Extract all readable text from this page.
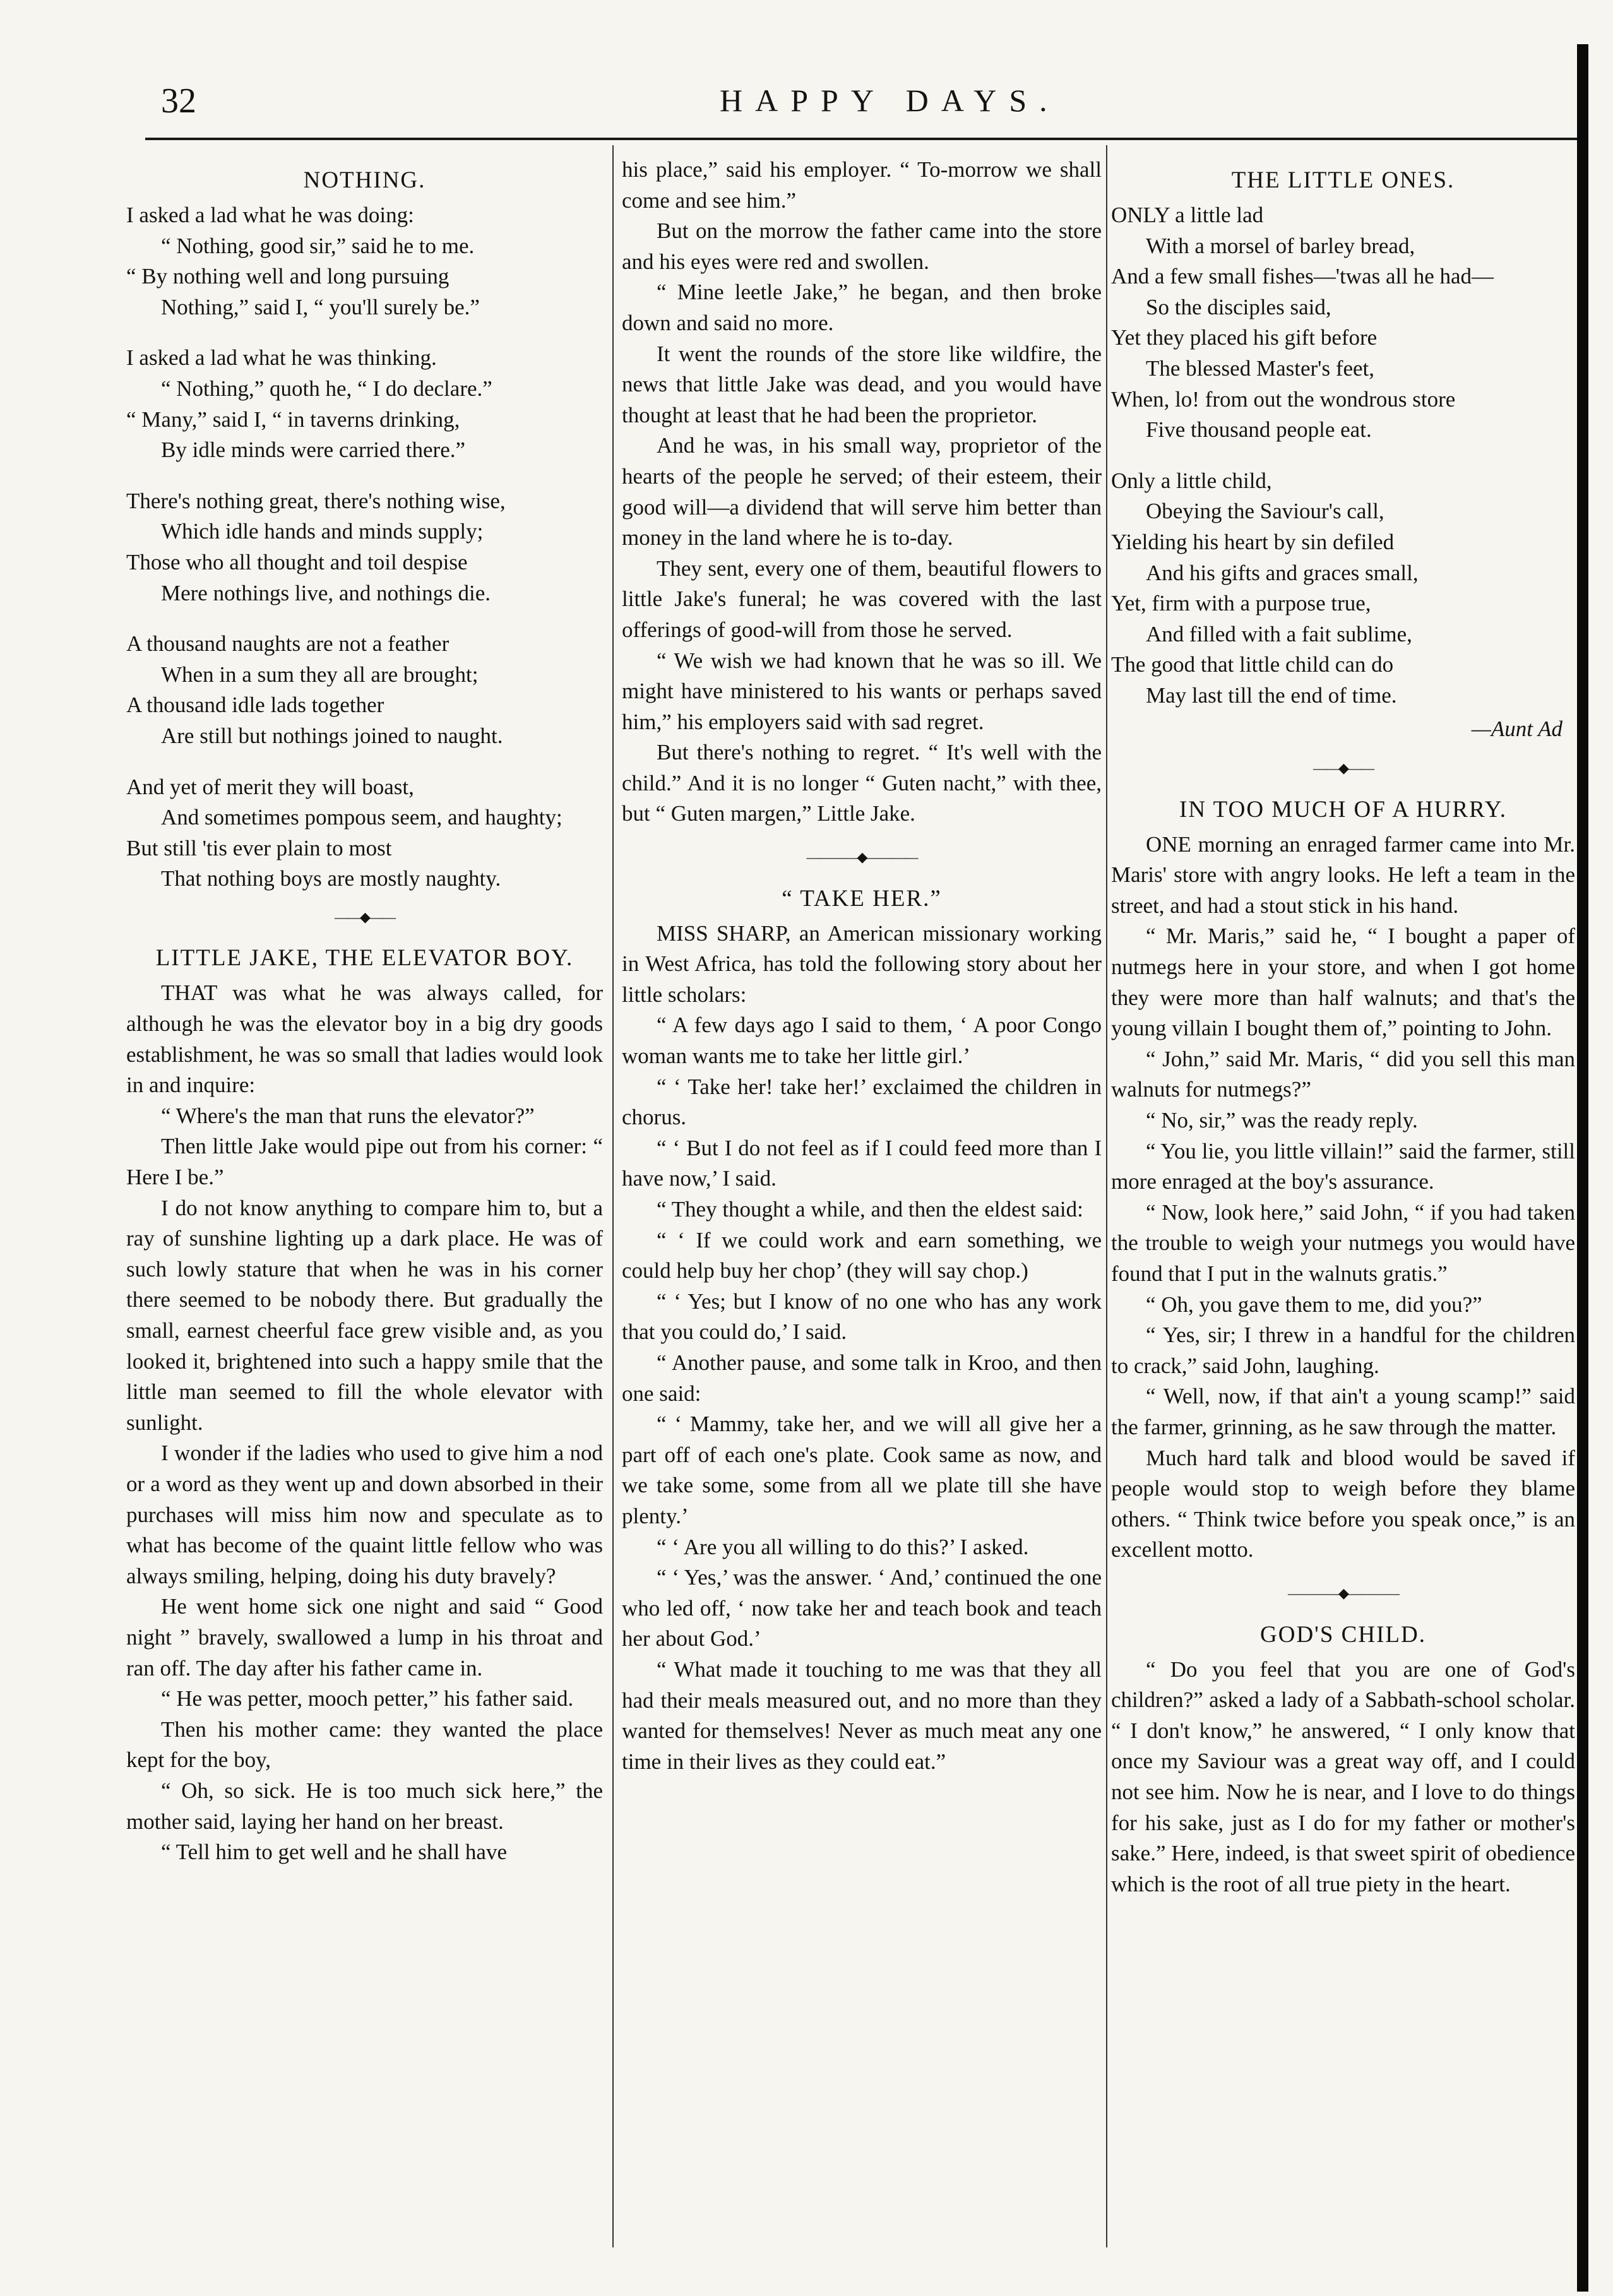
32	HAPPY DAYS.
NOTHING.
I asked a lad what he was doing:
“ Nothing, good sir,” said he to me.
“ By nothing well and long pursuing
Nothing,” said I, “ you'll surely be.”
I asked a lad what he was thinking.
“ Nothing,” quoth he, “ I do declare.”
“ Many,” said I, “ in taverns drinking,
By idle minds were carried there.”
There's nothing great, there's nothing wise,
Which idle hands and minds supply;
Those who all thought and toil despise
Mere nothings live, and nothings die.
A thousand naughts are not a feather
When in a sum they all are brought;
A thousand idle lads together
Are still but nothings joined to naught.
And yet of merit they will boast,
And sometimes pompous seem, and haughty;
But still 'tis ever plain to most
That nothing boys are mostly naughty.
——◆——
LITTLE JAKE, THE ELEVATOR BOY.

THAT was what he was always called, for although he was the elevator boy in a big dry goods establishment, he was so small that ladies would look in and inquire:

“ Where's the man that runs the elevator?”

Then little Jake would pipe out from his corner: “ Here I be.”

I do not know anything to compare him to, but a ray of sunshine lighting up a dark place. He was of such lowly stature that when he was in his corner there seemed to be nobody there. But gradually the small, earnest cheerful face grew visible and, as you looked it, brightened into such a happy smile that the little man seemed to fill the whole elevator with sunlight.

I wonder if the ladies who used to give him a nod or a word as they went up and down absorbed in their purchases will miss him now and speculate as to what has become of the quaint little fellow who was always smiling, helping, doing his duty bravely?

He went home sick one night and said “ Good night ” bravely, swallowed a lump in his throat and ran off. The day after his father came in.

“ He was petter, mooch petter,” his father said.

Then his mother came: they wanted the place kept for the boy,

“ Oh, so sick. He is too much sick here,” the mother said, laying her hand on her breast.

“ Tell him to get well and he shall have

his place,” said his employer. “ To-morrow we shall come and see him.”

But on the morrow the father came into the store and his eyes were red and swollen.

“ Mine leetle Jake,” he began, and then broke down and said no more.

It went the rounds of the store like wildfire, the news that little Jake was dead, and you would have thought at least that he had been the proprietor.

And he was, in his small way, proprietor of the hearts of the people he served; of their esteem, their good will—a dividend that will serve him better than money in the land where he is to-day.

They sent, every one of them, beautiful flowers to little Jake's funeral; he was covered with the last offerings of good-will from those he served.

“ We wish we had known that he was so ill. We might have ministered to his wants or perhaps saved him,” his employers said with sad regret.

But there's nothing to regret. “ It's well with the child.” And it is no longer “ Guten nacht,” with thee, but “ Guten margen,” Little Jake.

————◆————
“ TAKE HER.”

MISS SHARP, an American missionary working in West Africa, has told the following story about her little scholars:

“ A few days ago I said to them, ‘ A poor Congo woman wants me to take her little girl.’

“ ‘ Take her! take her!’ exclaimed the children in chorus.

“ ‘ But I do not feel as if I could feed more than I have now,’ I said.

“ They thought a while, and then the eldest said:

“ ‘ If we could work and earn something, we could help buy her chop’ (they will say chop.)

“ ‘ Yes; but I know of no one who has any work that you could do,’ I said.

“ Another pause, and some talk in Kroo, and then one said:

“ ‘ Mammy, take her, and we will all give her a part off of each one's plate. Cook same as now, and we take some, some from all we plate till she have plenty.’

“ ‘ Are you all willing to do this?’ I asked.

“ ‘ Yes,’ was the answer. ‘ And,’ continued the one who led off, ‘ now take her and teach book and teach her about God.’

“ What made it touching to me was that they all had their meals measured out, and no more than they wanted for themselves! Never as much meat any one time in their lives as they could eat.”

THE LITTLE ONES.
ONLY a little lad
With a morsel of barley bread,
And a few small fishes—'twas all he had—
So the disciples said,
Yet they placed his gift before
The blessed Master's feet,
When, lo! from out the wondrous store
Five thousand people eat.
Only a little child,
Obeying the Saviour's call,
Yielding his heart by sin defiled
And his gifts and graces small,
Yet, firm with a purpose true,
And filled with a fait sublime,
The good that little child can do
May last till the end of time.
—Aunt Ad
——◆——
IN TOO MUCH OF A HURRY.

ONE morning an enraged farmer came into Mr. Maris' store with angry looks. He left a team in the street, and had a stout stick in his hand.

“ Mr. Maris,” said he, “ I bought a paper of nutmegs here in your store, and when I got home they were more than half walnuts; and that's the young villain I bought them of,” pointing to John.

“ John,” said Mr. Maris, “ did you sell this man walnuts for nutmegs?”

“ No, sir,” was the ready reply.

“ You lie, you little villain!” said the farmer, still more enraged at the boy's assurance.

“ Now, look here,” said John, “ if you had taken the trouble to weigh your nutmegs you would have found that I put in the walnuts gratis.”

“ Oh, you gave them to me, did you?”

“ Yes, sir; I threw in a handful for the children to crack,” said John, laughing.

“ Well, now, if that ain't a young scamp!” said the farmer, grinning, as he saw through the matter.

Much hard talk and blood would be saved if people would stop to weigh before they blame others. “ Think twice before you speak once,” is an excellent motto.

————◆————
GOD'S CHILD.

“ Do you feel that you are one of God's children?” asked a lady of a Sabbath-school scholar. “ I don't know,” he answered, “ I only know that once my Saviour was a great way off, and I could not see him. Now he is near, and I love to do things for his sake, just as I do for my father or mother's sake.” Here, indeed, is that sweet spirit of obedience which is the root of all true piety in the heart.
